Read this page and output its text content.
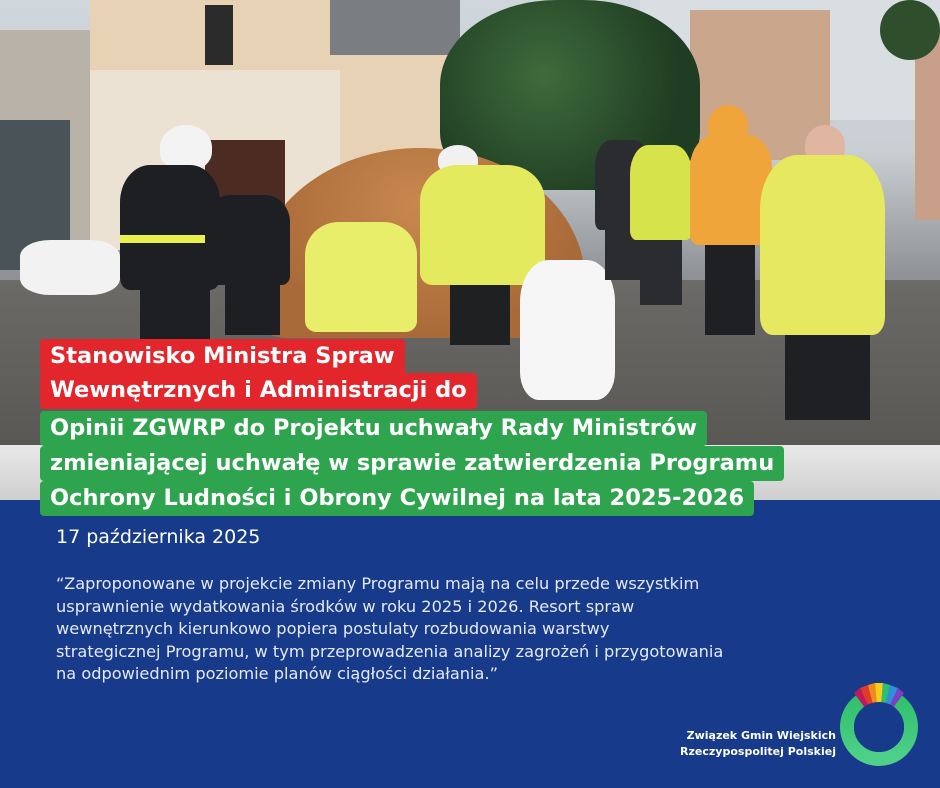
Stanowisko Ministra Spraw
Wewnętrznych i Administracji do
Opinii ZGWRP do Projektu uchwały Rady Ministrów
zmieniającej uchwałę w sprawie zatwierdzenia Programu
Ochrony Ludności i Obrony Cywilnej na lata 2025-2026
17 października 2025
“Zaproponowane w projekcie zmiany Programu mają na celu przede wszystkim
usprawnienie wydatkowania środków w roku 2025 i 2026. Resort spraw
wewnętrznych kierunkowo popiera postulaty rozbudowania warstwy
strategicznej Programu, w tym przeprowadzenia analizy zagrożeń i przygotowania
na odpowiednim poziomie planów ciągłości działania.”
Związek Gmin Wiejskich
Rzeczypospolitej Polskiej
